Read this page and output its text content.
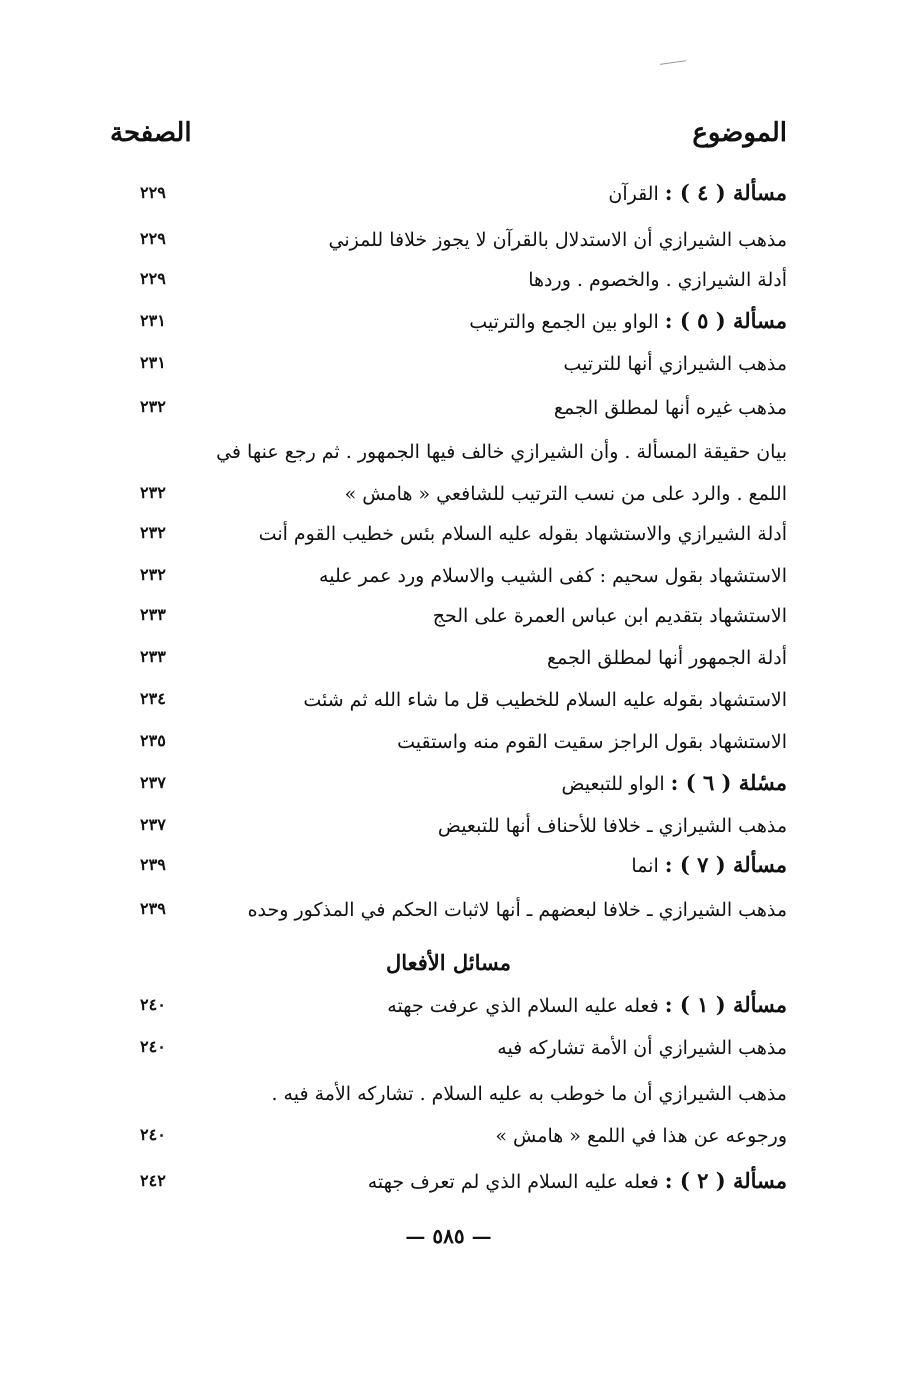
الموضوع
الصفحة
مسألة ( ٤ ) : القرآن
٢٢٩
مذهب الشيرازي أن الاستدلال بالقرآن لا يجوز خلافا للمزني
٢٢٩
أدلة الشيرازي . والخصوم . وردها
٢٢٩
مسألة ( ٥ ) : الواو بين الجمع والترتيب
٢٣١
مذهب الشيرازي أنها للترتيب
٢٣١
مذهب غيره أنها لمطلق الجمع
٢٣٢
بيان حقيقة المسألة . وأن الشيرازي خالف فيها الجمهور . ثم رجع عنها في
اللمع . والرد على من نسب الترتيب للشافعي « هامش »
٢٣٢
أدلة الشيرازي والاستشهاد بقوله عليه السلام بئس خطيب القوم أنت
٢٣٢
الاستشهاد بقول سحيم : كفى الشيب والاسلام ورد عمر عليه
٢٣٢
الاستشهاد بتقديم ابن عباس العمرة على الحج
٢٣٣
أدلة الجمهور أنها لمطلق الجمع
٢٣٣
الاستشهاد بقوله عليه السلام للخطيب قل ما شاء الله ثم شئت
٢٣٤
الاستشهاد بقول الراجز سقيت القوم منه واستقيت
٢٣٥
مسٔلة ( ٦ ) : الواو للتبعيض
٢٣٧
مذهب الشيرازي ـ خلافا للأحناف أنها للتبعيض
٢٣٧
مسألة ( ٧ ) : انما
٢٣٩
مذهب الشيرازي ـ خلافا لبعضهم ـ أنها لاثبات الحكم في المذكور وحده
٢٣٩
مسائل الأفعال
مسألة ( ١ ) : فعله عليه السلام الذي عرفت جهته
٢٤٠
مذهب الشيرازي أن الأمة تشاركه فيه
٢٤٠
مذهب الشيرازي أن ما خوطب به عليه السلام . تشاركه الأمة فيه .
ورجوعه عن هذا في اللمع « هامش »
٢٤٠
مسألة ( ٢ ) : فعله عليه السلام الذي لم تعرف جهته
٢٤٢
— ٥٨٥ —
